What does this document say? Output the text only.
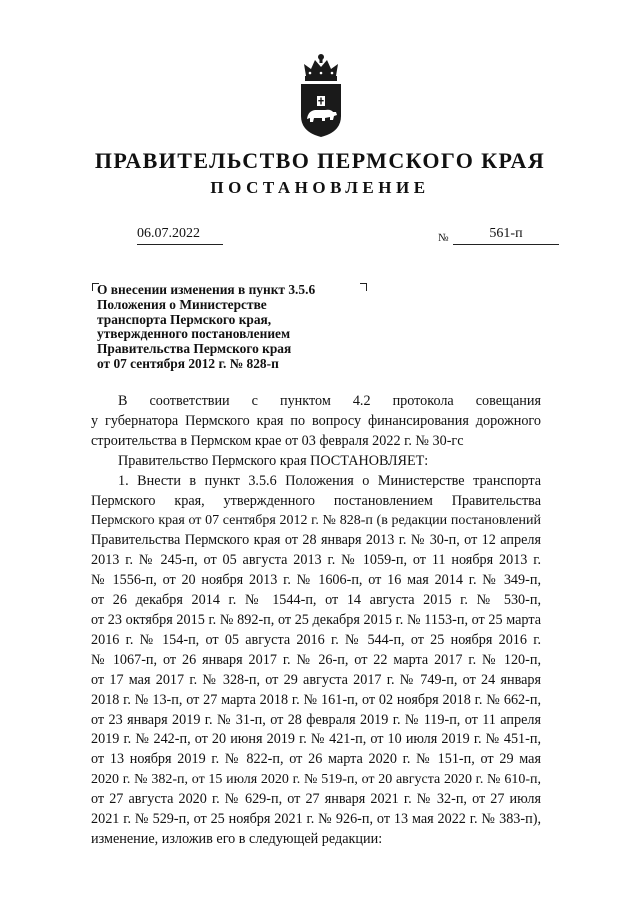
ПРАВИТЕЛЬСТВО ПЕРМСКОГО КРАЯ
ПОСТАНОВЛЕНИЕ
06.07.2022	№	561-п
О внесении изменения в пункт 3.5.6
Положения о Министерстве
транспорта Пермского края,
утвержденного постановлением
Правительства Пермского края
от 07 сентября 2012 г. № 828-п
В соответствии с пунктом 4.2 протокола совещания
у губернатора Пермского края по вопросу финансирования дорожного
строительства в Пермском крае от 03 февраля 2022 г. № 30-гс
Правительство Пермского края ПОСТАНОВЛЯЕТ:
1. Внести в пункт 3.5.6 Положения о Министерстве транспорта
Пермского края, утвержденного постановлением Правительства
Пермского края от 07 сентября 2012 г. № 828-п (в редакции постановлений
Правительства Пермского края от 28 января 2013 г. № 30-п, от 12 апреля
2013 г. № 245-п, от 05 августа 2013 г. № 1059-п, от 11 ноября 2013 г.
№ 1556-п, от 20 ноября 2013 г. № 1606-п, от 16 мая 2014 г. № 349-п,
от 26 декабря 2014 г. № 1544-п, от 14 августа 2015 г. № 530-п,
от 23 октября 2015 г. № 892-п, от 25 декабря 2015 г. № 1153-п, от 25 марта
2016 г. № 154-п, от 05 августа 2016 г. № 544-п, от 25 ноября 2016 г.
№ 1067-п, от 26 января 2017 г. № 26-п, от 22 марта 2017 г. № 120-п,
от 17 мая 2017 г. № 328-п, от 29 августа 2017 г. № 749-п, от 24 января
2018 г. № 13-п, от 27 марта 2018 г. № 161-п, от 02 ноября 2018 г. № 662-п,
от 23 января 2019 г. № 31-п, от 28 февраля 2019 г. № 119-п, от 11 апреля
2019 г. № 242-п, от 20 июня 2019 г. № 421-п, от 10 июля 2019 г. № 451-п,
от 13 ноября 2019 г. № 822-п, от 26 марта 2020 г. № 151-п, от 29 мая
2020 г. № 382-п, от 15 июля 2020 г. № 519-п, от 20 августа 2020 г. № 610-п,
от 27 августа 2020 г. № 629-п, от 27 января 2021 г. № 32-п, от 27 июля
2021 г. № 529-п, от 25 ноября 2021 г. № 926-п, от 13 мая 2022 г. № 383-п),
изменение, изложив его в следующей редакции:
